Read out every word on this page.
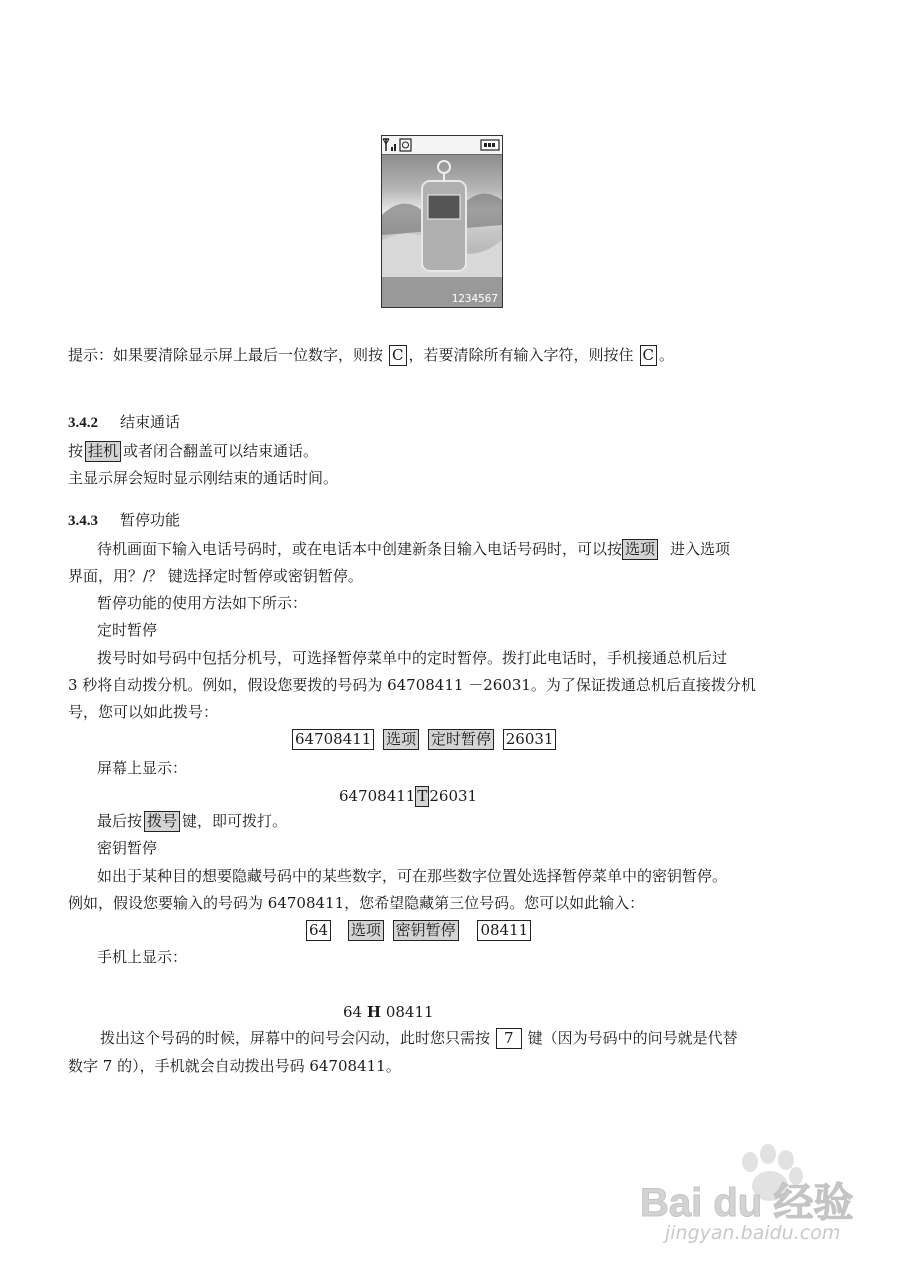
1234567
提示：如果要清除显示屏上最后一位数字，则按 C ，若要清除所有输入字符，则按住 C 。
3.4.2 结束通话
按 挂机 或者闭合翻盖可以结束通话。
主显示屏会短时显示刚结束的通话时间。
3.4.3 暂停功能
待机画面下输入电话号码时，或在电话本中创建新条目输入电话号码时，可以按 选项 进入选项
界面，用？/？ 键选择定时暂停或密钥暂停。
暂停功能的使用方法如下所示：
定时暂停
拨号时如号码中包括分机号，可选择暂停菜单中的定时暂停。拨打此电话时，手机接通总机后过
3 秒将自动拨分机。例如，假设您要拨的号码为 64708411 －26031。为了保证拨通总机后直接拨分机
号，您可以如此拨号：
64708411 选项 定时暂停 26031
屏幕上显示：
64708411 T 26031
最后按 拨号 键，即可拨打。
密钥暂停
如出于某种目的想要隐藏号码中的某些数字，可在那些数字位置处选择暂停菜单中的密钥暂停。
例如，假设您要输入的号码为 64708411，您希望隐藏第三位号码。您可以如此输入：
64 选项 密钥暂停 08411
手机上显示：
64 H 08411
拨出这个号码的时候，屏幕中的问号会闪动，此时您只需按 7 键（因为号码中的问号就是代替
数字 7 的），手机就会自动拨出号码 64708411。
Bai du 经验
jingyan.baidu.com
